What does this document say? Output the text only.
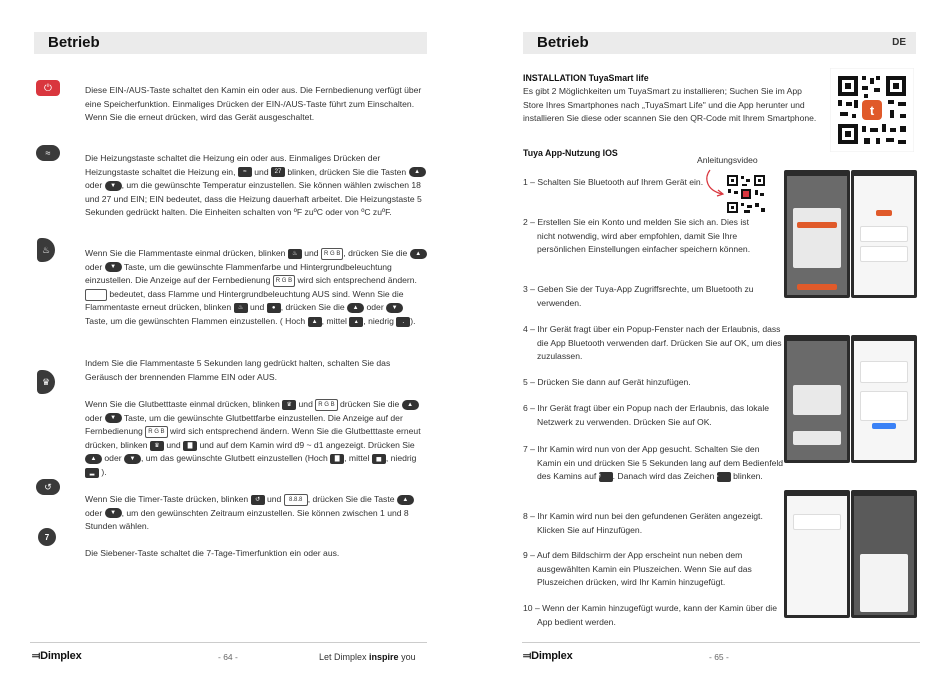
Betrieb
⏻
≈
♨
♛
↺
7
Diese EIN-/AUS-Taste schaltet den Kamin ein oder aus. Die Fernbedienung verfügt über eine Speicherfunktion. Einmaliges Drücken der EIN-/AUS-Taste führt zum Einschalten. Wenn Sie die erneut drücken, wird das Gerät ausgeschaltet.
Die Heizungstaste schaltet die Heizung ein oder aus. Einmaliges Drücken der Heizungstaste schaltet die Heizung ein, ≈ und 27 blinken, drücken Sie die Tasten ▲ oder ▼ , um die gewünschte Temperatur einzustellen. Sie können wählen zwischen 18 und 27 und EIN; EIN bedeutet, dass die Heizung dauerhaft arbeitet. Die Heizungstaste 5 Sekunden gedrückt halten. Die Einheiten schalten von ºF zuºC oder von ºC zuºF.
Wenn Sie die Flammentaste einmal drücken, blinken ♨ und R G B , drücken Sie die ▲ oder ▼ Taste, um die gewünschte Flammenfarbe und Hintergrundbeleuchtung einzustellen. Die Anzeige auf der Fernbedienung R G B wird sich entsprechend ändern.  bedeutet, dass Flamme und Hintergrundbeleuchtung AUS sind. Wenn Sie die Flammentaste erneut drücken, blinken ♨ und ● , drücken Sie die ▲ oder ▼ Taste, um die gewünschten Flammen einzustellen. ( Hoch ▲ , mittel ▴ , niedrig ․ ).
Indem Sie die Flammentaste 5 Sekunden lang gedrückt halten, schalten Sie das Geräusch der brennenden Flamme EIN oder AUS.
Wenn Sie die Glutbetttaste einmal drücken, blinken ♛ und R G B drücken Sie die ▲ oder ▼ Taste, um die gewünschte Glutbettfarbe einzustellen. Die Anzeige auf der Fernbedienung R G B wird sich entsprechend ändern. Wenn Sie die Glutbetttaste erneut drücken, blinken ♛ und ▇ und auf dem Kamin wird d9 ~ d1 angezeigt. Drücken Sie ▲ oder ▼ , um das gewünschte Glutbett einzustellen (Hoch ▇ , mittel ▅ , niedrig ▂ ).
Wenn Sie die Timer-Taste drücken, blinken ↺ und 8.8.8 , drücken Sie die Taste ▲ oder ▼ , um den gewünschten Zeitraum einzustellen. Sie können zwischen 1 und 8 Stunden wählen.
Die Siebener-Taste schaltet die 7-Tage-Timerfunktion ein oder aus.
⫤Dimplex	- 64 -	Let Dimplex inspire you
Betrieb	DE
INSTALLATION TuyaSmart life
Es gibt 2 Möglichkeiten um TuyaSmart zu installieren; Suchen Sie im App Store Ihres Smartphones nach „TuyaSmart Life" und die App herunter und installieren Sie diese oder scannen Sie den QR-Code mit Ihrem Smartphone.
t
Tuya App-Nutzung IOS
Anleitungsvideo
1 – Schalten Sie Bluetooth auf Ihrem Gerät ein.
2 – Erstellen Sie ein Konto und melden Sie sich an. Dies ist nicht notwendig, wird aber empfohlen, damit Sie Ihre persönlichen Einstellungen einfacher speichern können.
3 – Geben Sie der Tuya-App Zugriffsrechte, um Bluetooth zu verwenden.
4 – Ihr Gerät fragt über ein Popup-Fenster nach der Erlaubnis, dass die App Bluetooth verwenden darf. Drücken Sie auf OK, um dies zuzulassen.
5 – Drücken Sie dann auf Gerät hinzufügen.
6 – Ihr Gerät fragt über ein Popup nach der Erlaubnis, das lokale Netzwerk zu verwenden. Drücken Sie auf OK.
7 – Ihr Kamin wird nun von der App gesucht. Schalten Sie den Kamin ein und drücken Sie 5 Sekunden lang auf dem Bedienfeld des Kamins auf ↺ . Danach wird das Zeichen ≈ blinken.
8 – Ihr Kamin wird nun bei den gefundenen Geräten angezeigt. Klicken Sie auf Hinzufügen.
9 – Auf dem Bildschirm der App erscheint nun neben dem ausgewählten Kamin ein Pluszeichen. Wenn Sie auf das Pluszeichen drücken, wird Ihr Kamin hinzugefügt.
10 – Wenn der Kamin hinzugefügt wurde, kann der Kamin über die App bedient werden.
⫤Dimplex	- 65 -
